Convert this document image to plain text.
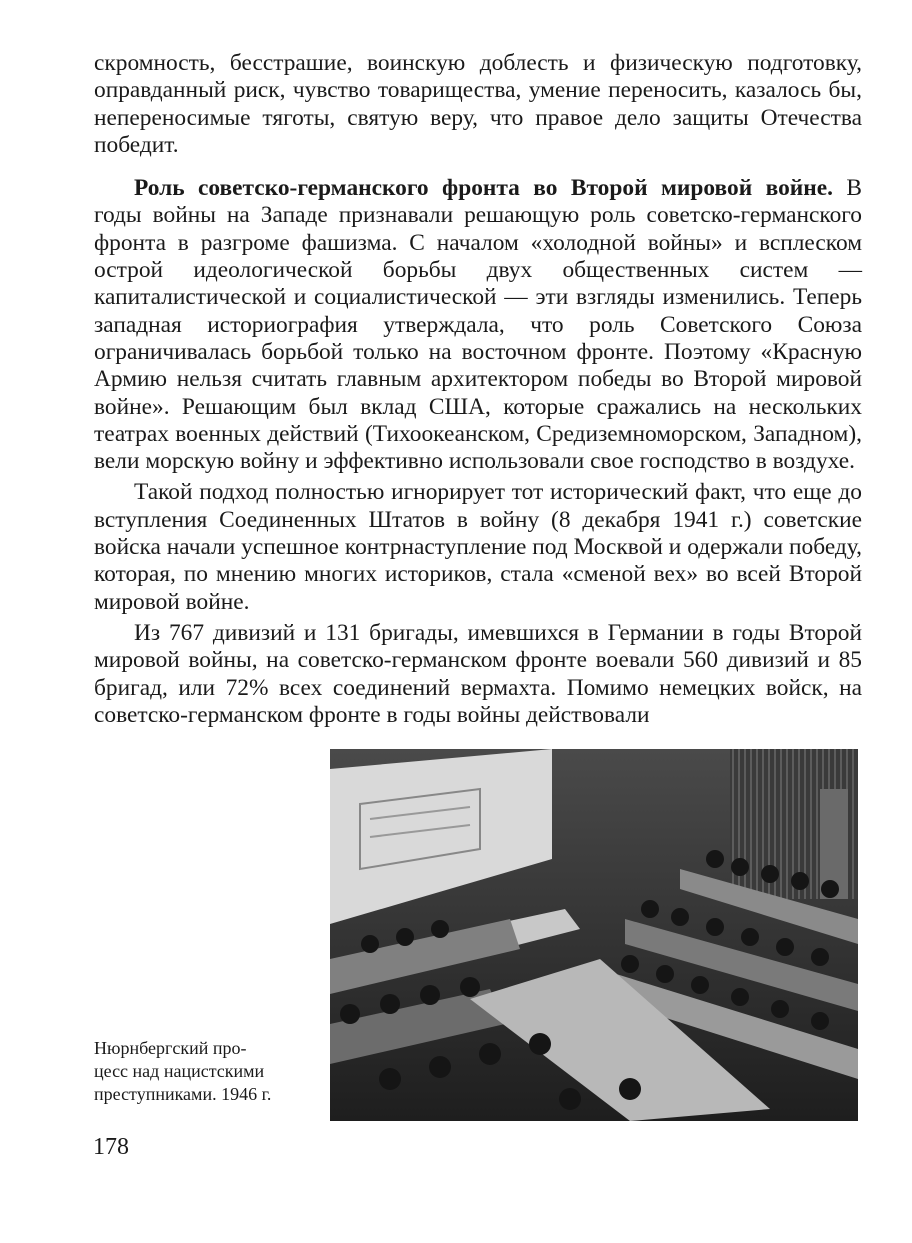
скромность, бесстрашие, воинскую доблесть и физическую подготовку, оправданный риск, чувство товарищества, умение переносить, казалось бы, непереносимые тяготы, святую веру, что правое дело защиты Отечества победит.

Роль советско-германского фронта во Второй мировой войне. В годы войны на Западе признавали решающую роль советско-германского фронта в разгроме фашизма. С началом «холодной войны» и всплеском острой идеологической борьбы двух общественных систем — капиталистической и социалистической — эти взгляды изменились. Теперь западная историография утверждала, что роль Советского Союза ограничивалась борьбой только на восточном фронте. Поэтому «Красную Армию нельзя считать главным архитектором победы во Второй мировой войне». Решающим был вклад США, которые сражались на нескольких театрах военных действий (Тихоокеанском, Средиземноморском, Западном), вели морскую войну и эффективно использовали свое господство в воздухе.

Такой подход полностью игнорирует тот исторический факт, что еще до вступления Соединенных Штатов в войну (8 декабря 1941 г.) советские войска начали успешное контрнаступление под Москвой и одержали победу, которая, по мнению многих историков, стала «сменой вех» во всей Второй мировой войне.

Из 767 дивизий и 131 бригады, имевшихся в Германии в годы Второй мировой войны, на советско-германском фронте воевали 560 дивизий и 85 бригад, или 72% всех соединений вермахта. Помимо немецких войск, на советско-германском фронте в годы войны действовали

Нюрнбергский про-
цесс над нацистскими
преступниками. 1946 г.
178
